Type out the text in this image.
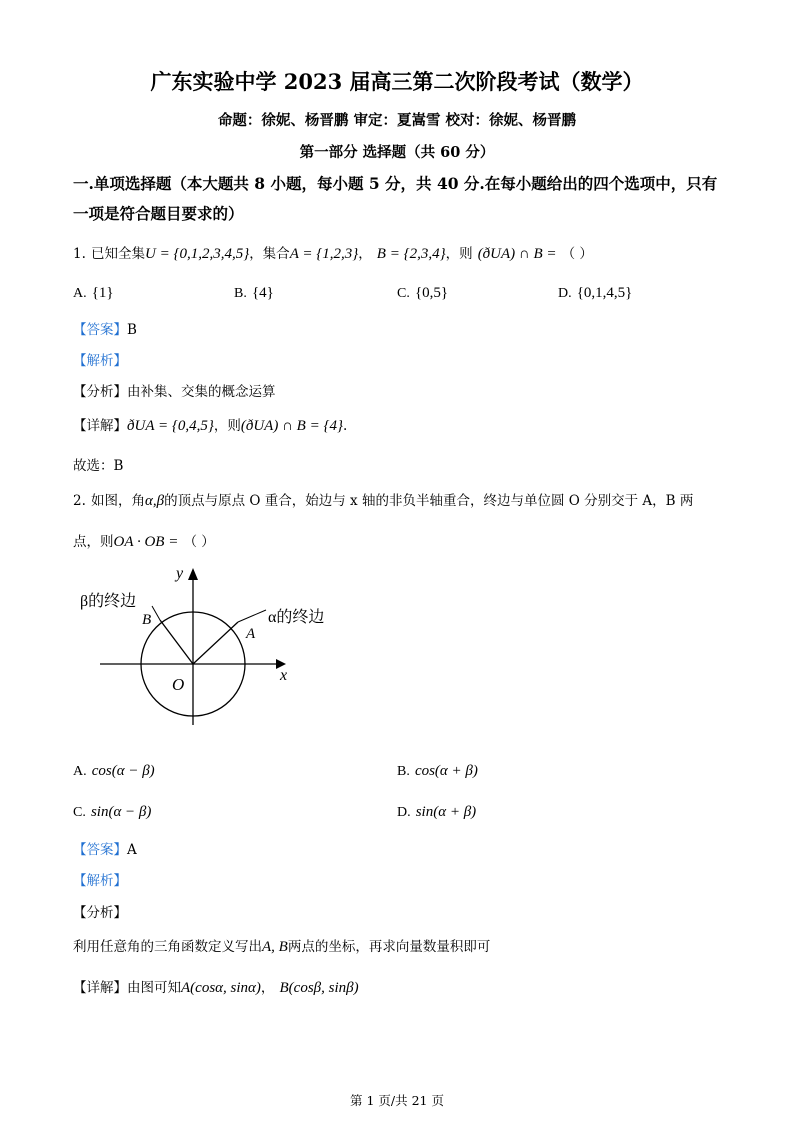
广东实验中学 2023 届高三第二次阶段考试（数学）
命题：徐妮、杨晋鹏 审定：夏嵩雪 校对：徐妮、杨晋鹏
第一部分 选择题（共 60 分）
一.单项选择题（本大题共 8 小题，每小题 5 分，共 40 分.在每小题给出的四个选项中，只有
一项是符合题目要求的）
1. 已知全集U = {0,1,2,3,4,5}，集合A = {1,2,3}， B = {2,3,4}，则 (ðUA) ∩ B = （ ）
A. {1}	B. {4}	C. {0,5}	D. {0,1,4,5}
【答案】B
【解析】
【分析】由补集、交集的概念运算
【详解】ðUA = {0,4,5}，则(ðUA) ∩ B = {4}.
故选：B
2. 如图，角α,β的顶点与原点 O 重合，始边与 x 轴的非负半轴重合，终边与单位圆 O 分别交于 A，B 两
点，则OA · OB = （ ）
y
x
O
A
B
β的终边
α的终边
A. cos(α − β)	B. cos(α + β)
C. sin(α − β)	D. sin(α + β)
【答案】A
【解析】
【分析】
利用任意角的三角函数定义写出A, B两点的坐标，再求向量数量积即可
【详解】由图可知A(cosα, sinα)， B(cosβ, sinβ)
第 1 页/共 21 页
